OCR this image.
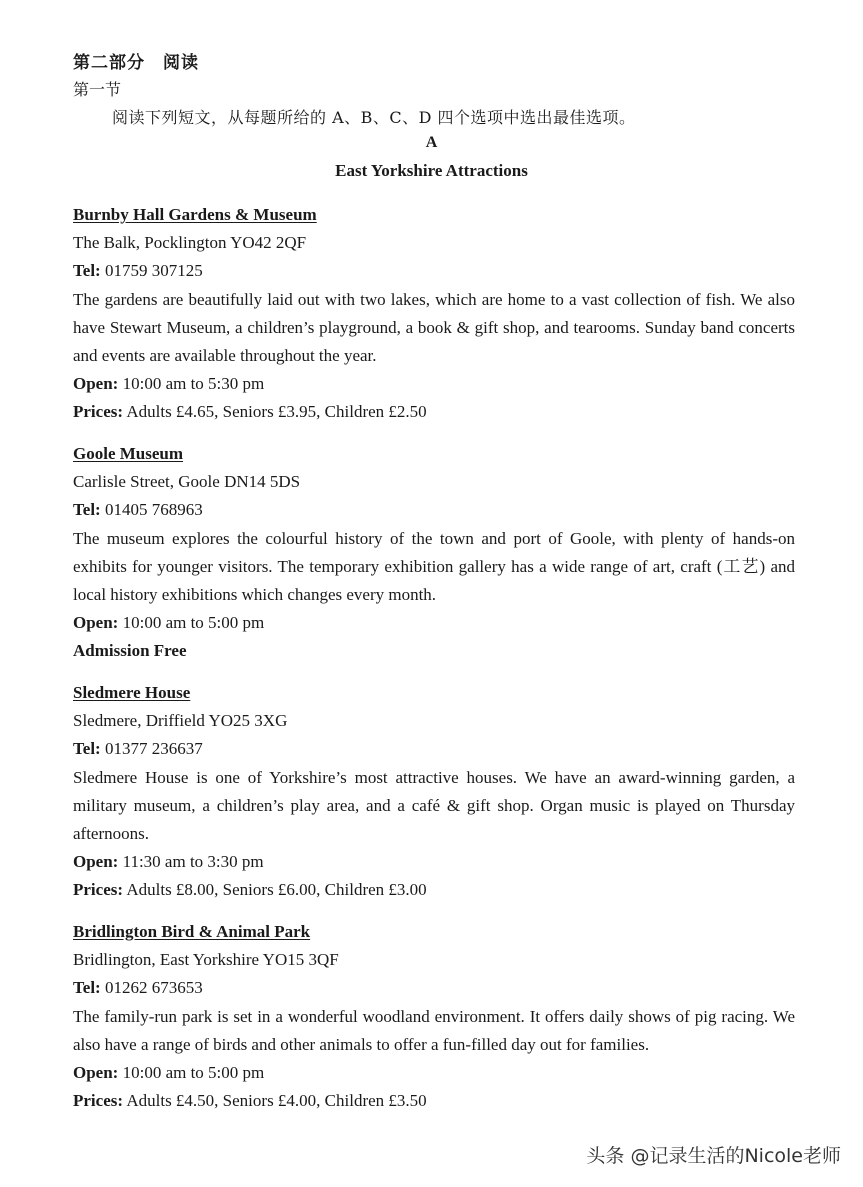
第二部分　阅读
第一节
阅读下列短文，从每题所给的 A、B、C、D 四个选项中选出最佳选项。
A
East Yorkshire Attractions
Burnby Hall Gardens & Museum
The Balk, Pocklington YO42 2QF
Tel: 01759 307125
The gardens are beautifully laid out with two lakes, which are home to a vast collection of fish. We also have Stewart Museum, a children’s playground, a book & gift shop, and tearooms. Sunday band concerts and events are available throughout the year.
Open: 10:00 am to 5:30 pm
Prices: Adults £4.65, Seniors £3.95, Children £2.50
Goole Museum
Carlisle Street, Goole DN14 5DS
Tel: 01405 768963
The museum explores the colourful history of the town and port of Goole, with plenty of hands-on exhibits for younger visitors. The temporary exhibition gallery has a wide range of art, craft (工艺) and local history exhibitions which changes every month.
Open: 10:00 am to 5:00 pm
Admission Free
Sledmere House
Sledmere, Driffield YO25 3XG
Tel: 01377 236637
Sledmere House is one of Yorkshire’s most attractive houses. We have an award-winning garden, a military museum, a children’s play area, and a café & gift shop. Organ music is played on Thursday afternoons.
Open: 11:30 am to 3:30 pm
Prices: Adults £8.00, Seniors £6.00, Children £3.00
Bridlington Bird & Animal Park
Bridlington, East Yorkshire YO15 3QF
Tel: 01262 673653
The family-run park is set in a wonderful woodland environment. It offers daily shows of pig racing. We also have a range of birds and other animals to offer a fun-filled day out for families.
Open: 10:00 am to 5:00 pm
Prices: Adults £4.50, Seniors £4.00, Children £3.50
头条 @记录生活的Nicole老师
